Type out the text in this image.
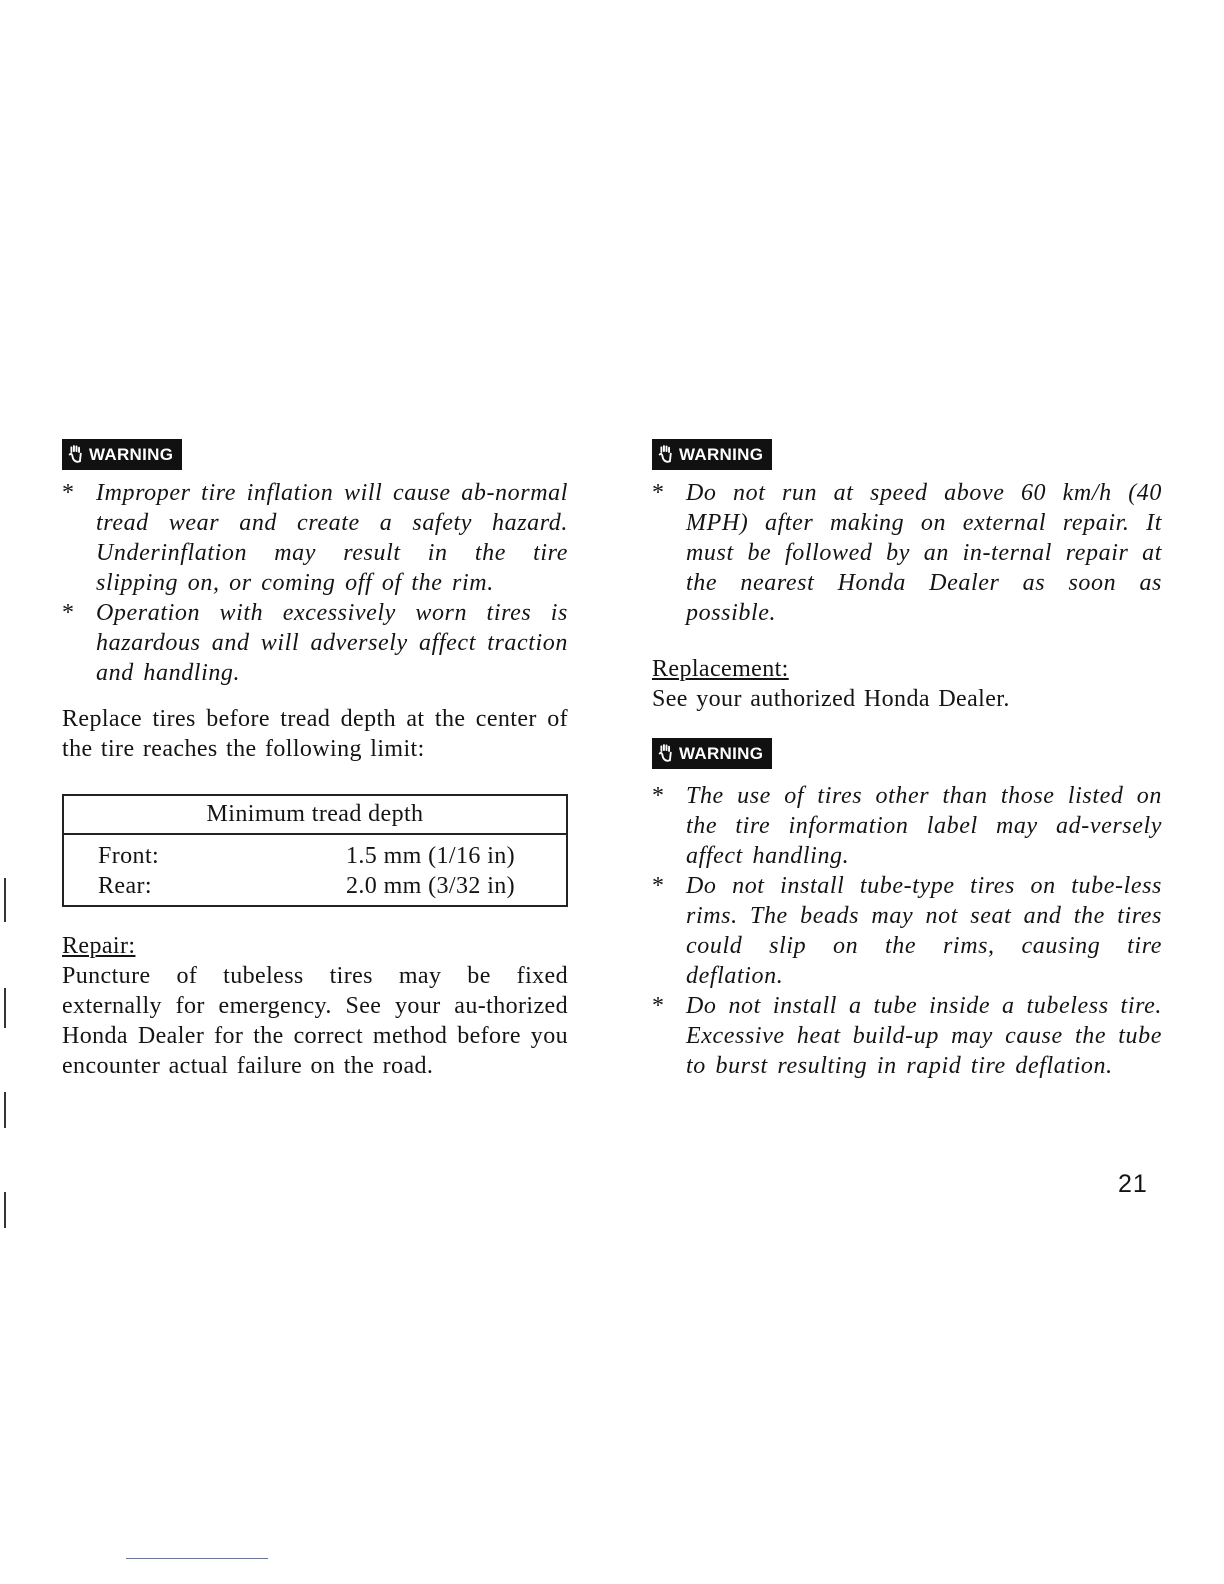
WARNING
* Improper tire inflation will cause ab-normal tread wear and create a safety hazard. Underinflation may result in the tire slipping on, or coming off of the rim.
* Operation with excessively worn tires is hazardous and will adversely affect traction and handling.

Replace tires before tread depth at the center of the tire reaches the following limit:

Minimum tread depth	
Front:	1.5 mm (1/16 in)
Rear:	2.0 mm (3/32 in)

Repair:

Puncture of tubeless tires may be fixed externally for emergency. See your au-thorized Honda Dealer for the correct method before you encounter actual failure on the road.

WARNING
* Do not run at speed above 60 km/h (40 MPH) after making on external repair. It must be followed by an in-ternal repair at the nearest Honda Dealer as soon as possible.

Replacement:

See your authorized Honda Dealer.

WARNING
* The use of tires other than those listed on the tire information label may ad-versely affect handling.
* Do not install tube-type tires on tube-less rims. The beads may not seat and the tires could slip on the rims, causing tire deflation.
* Do not install a tube inside a tubeless tire. Excessive heat build-up may cause the tube to burst resulting in rapid tire deflation.
21
